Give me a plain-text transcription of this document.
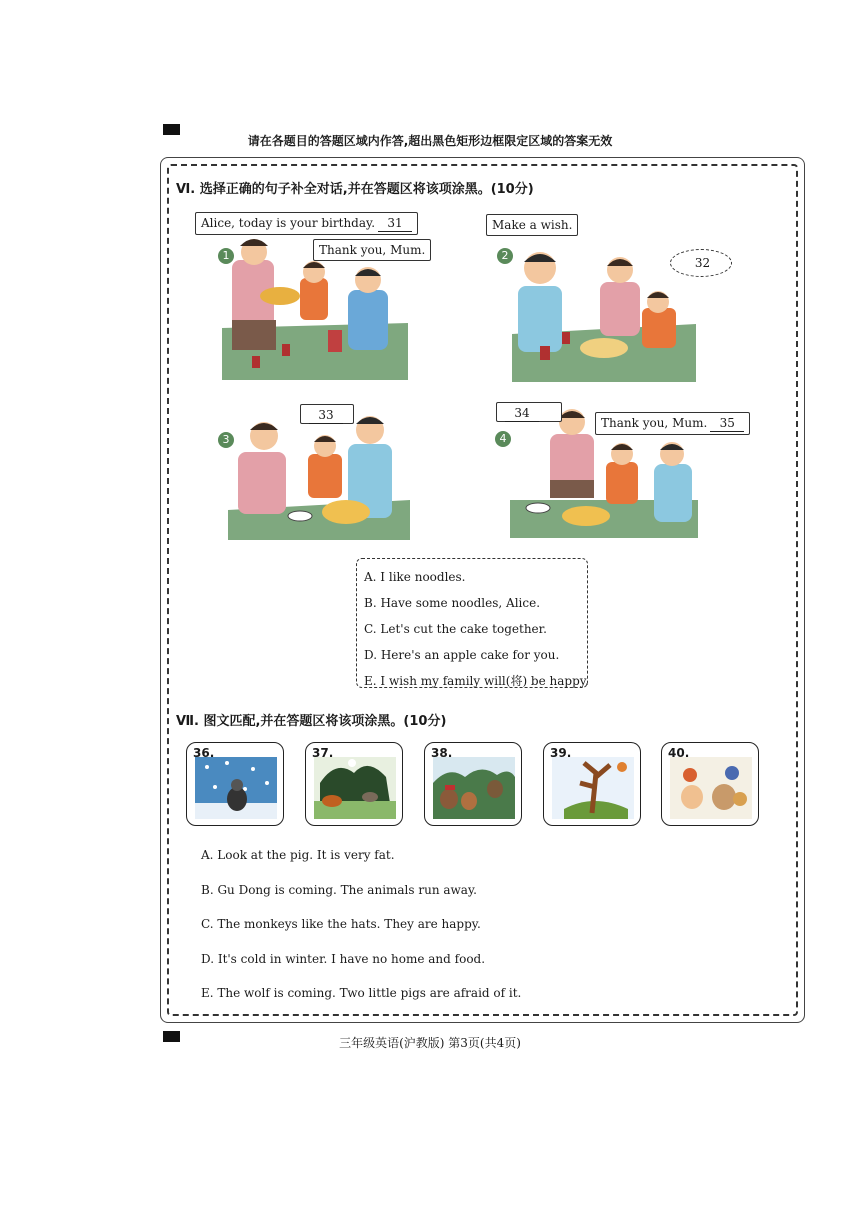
请在各题目的答题区域内作答,超出黑色矩形边框限定区域的答案无效
Ⅵ. 选择正确的句子补全对话,并在答题区将该项涂黑。(10分)
1
Alice, today is your birthday. 31
Thank you, Mum.	2
Make a wish.
32
3
33
4
34
Thank you, Mum. 35
A. I like noodles.
B. Have some noodles, Alice.
C. Let's cut the cake together.
D. Here's an apple cake for you.
E. I wish my family will(将) be happy.
Ⅶ. 图文匹配,并在答题区将该项涂黑。(10分)
36.	37.	38.	39.	40.
A. Look at the pig. It is very fat.
B. Gu Dong is coming. The animals run away.
C. The monkeys like the hats. They are happy.
D. It's cold in winter. I have no home and food.
E. The wolf is coming. Two little pigs are afraid of it.
三年级英语(沪教版) 第3页(共4页)
